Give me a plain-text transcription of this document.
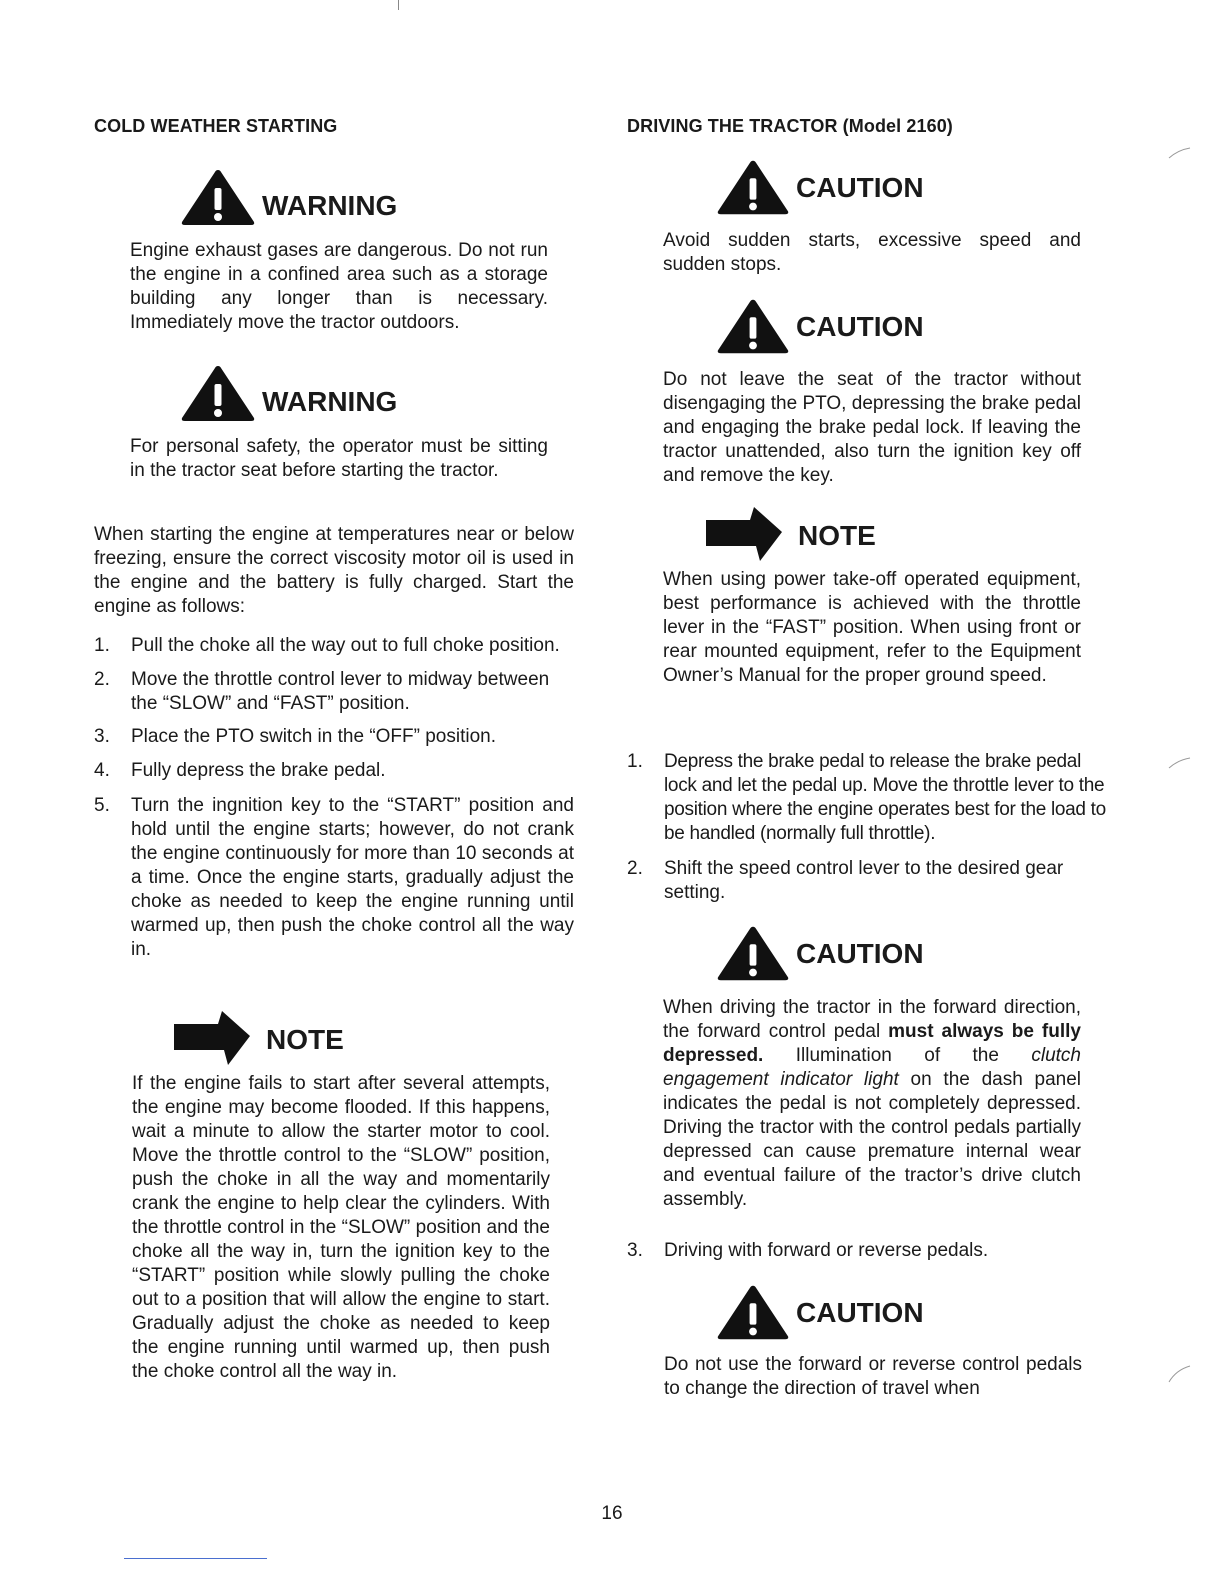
COLD WEATHER STARTING
WARNING
Engine exhaust gases are dangerous. Do not run the engine in a confined area such as a storage building any longer than is necessary. Immediately move the tractor outdoors.
WARNING
For personal safety, the operator must be sitting in the tractor seat before starting the tractor.
When starting the engine at temperatures near or below freezing, ensure the correct viscosity motor oil is used in the engine and the battery is fully charged. Start the engine as follows:
1. Pull the choke all the way out to full choke position.
2. Move the throttle control lever to midway between the “SLOW” and “FAST” position.
3. Place the PTO switch in the “OFF” position.
4. Fully depress the brake pedal.
5. Turn the ingnition key to the “START” position and hold until the engine starts; however, do not crank the engine continuously for more than 10 seconds at a time. Once the engine starts, gradually adjust the choke as needed to keep the engine running until warmed up, then push the choke control all the way in.
NOTE
If the engine fails to start after several attempts, the engine may become flooded. If this happens, wait a minute to allow the starter motor to cool. Move the throttle control to the “SLOW” position, push the choke in all the way and momentarily crank the engine to help clear the cylinders. With the throttle control in the “SLOW” position and the choke all the way in, turn the ignition key to the “START” position while slowly pulling the choke out to a position that will allow the engine to start. Gradually adjust the choke as needed to keep the engine running until warmed up, then push the choke control all the way in.
DRIVING THE TRACTOR (Model 2160)
CAUTION
Avoid sudden starts, excessive speed and sudden stops.
CAUTION
Do not leave the seat of the tractor without disengaging the PTO, depressing the brake pedal and engaging the brake pedal lock. If leaving the tractor unattended, also turn the ignition key off and remove the key.
NOTE
When using power take-off operated equipment, best performance is achieved with the throttle lever in the “FAST” position. When using front or rear mounted equipment, refer to the Equipment Owner’s Manual for the proper ground speed.
1. Depress the brake pedal to release the brake pedal lock and let the pedal up. Move the throttle lever to the position where the engine operates best for the load to be handled (normally full throttle).
2. Shift the speed control lever to the desired gear setting.
CAUTION
When driving the tractor in the forward direction, the forward control pedal must always be fully depressed. Illumination of the clutch engagement indicator light on the dash panel indicates the pedal is not completely depressed. Driving the tractor with the control pedals partially depressed can cause premature internal wear and eventual failure of the tractor’s drive clutch assembly.
3. Driving with forward or reverse pedals.
CAUTION
Do not use the forward or reverse control pedals to change the direction of travel when
16
